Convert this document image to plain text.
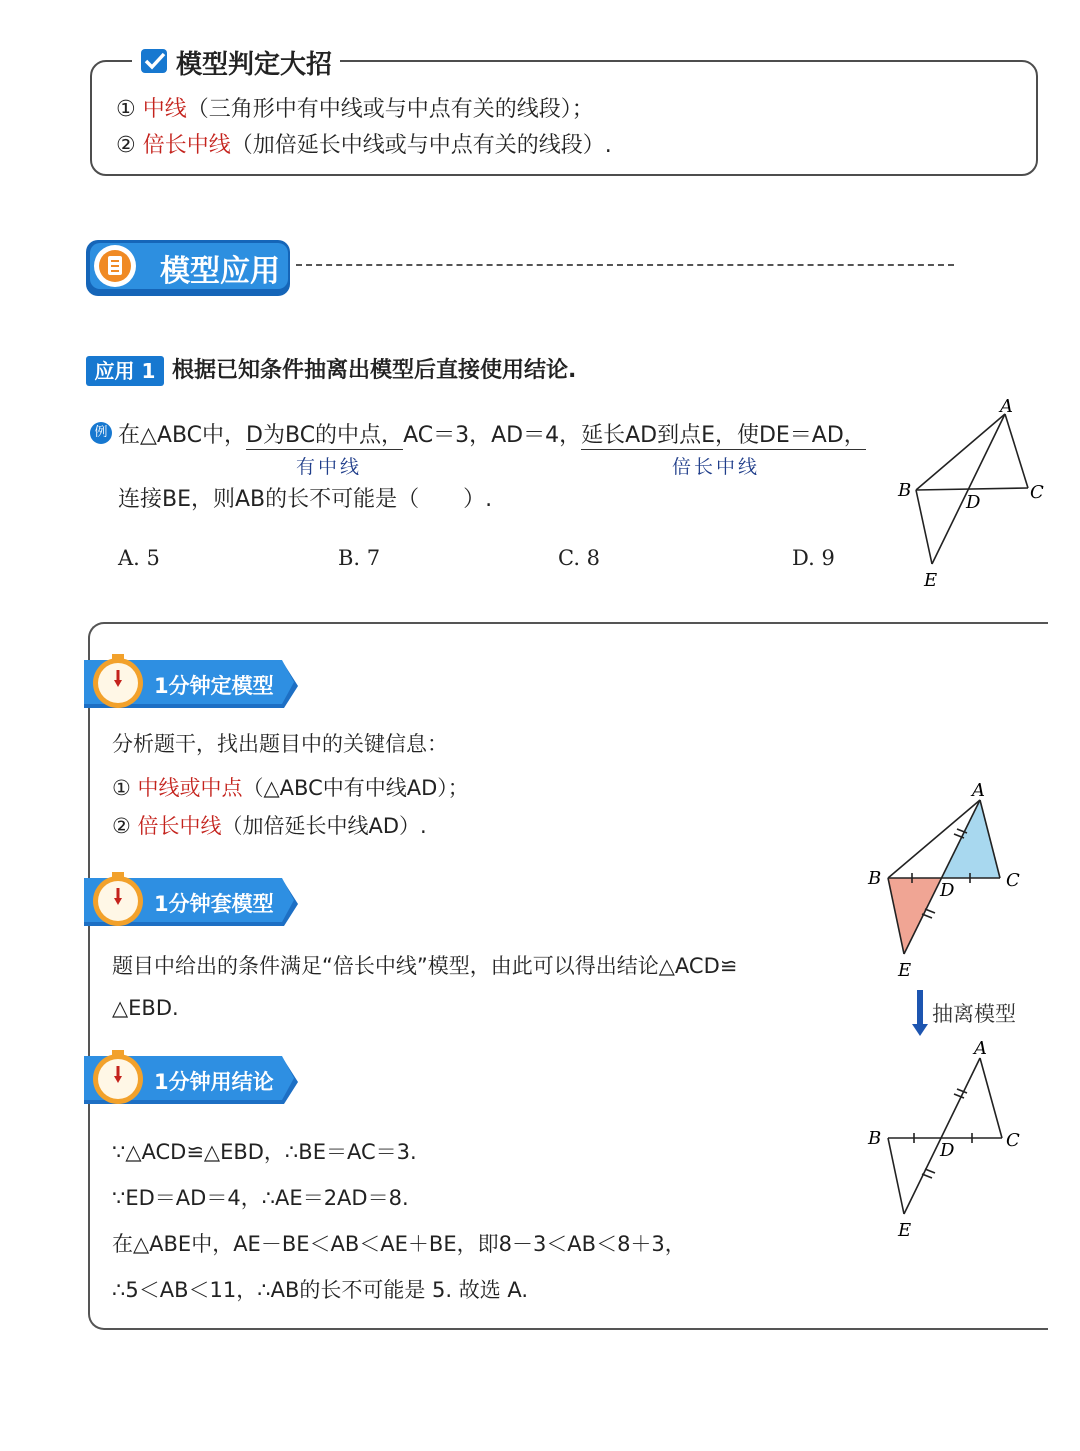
模型判定大招
① 中线（三角形中有中线或与中点有关的线段）；
② 倍长中线（加倍延长中线或与中点有关的线段）.
模型应用
应用 1 根据已知条件抽离出模型后直接使用结论.
例 在△ABC中，D为BC的中点，AC＝3，AD＝4，延长AD到点E，使DE＝AD，
有中线	倍长中线
连接BE，则AB的长不可能是（　　）.
A. 5	B. 7	C. 8	D. 9
A
B	C
D
E
1分钟定模型
1分钟套模型
1分钟用结论
分析题干，找出题目中的关键信息：
① 中线或中点（△ABC中有中线AD）；
② 倍长中线（加倍延长中线AD）.
题目中给出的条件满足“倍长中线”模型，由此可以得出结论△ACD≌
△EBD.
∵△ACD≌△EBD，∴BE＝AC＝3.
∵ED＝AD＝4，∴AE＝2AD＝8.
在△ABE中，AE－BE＜AB＜AE＋BE，即8－3＜AB＜8＋3，
∴5＜AB＜11，∴AB的长不可能是 5. 故选 A.
A
B	C
D
E
抽离模型
A
B	C
D
E
